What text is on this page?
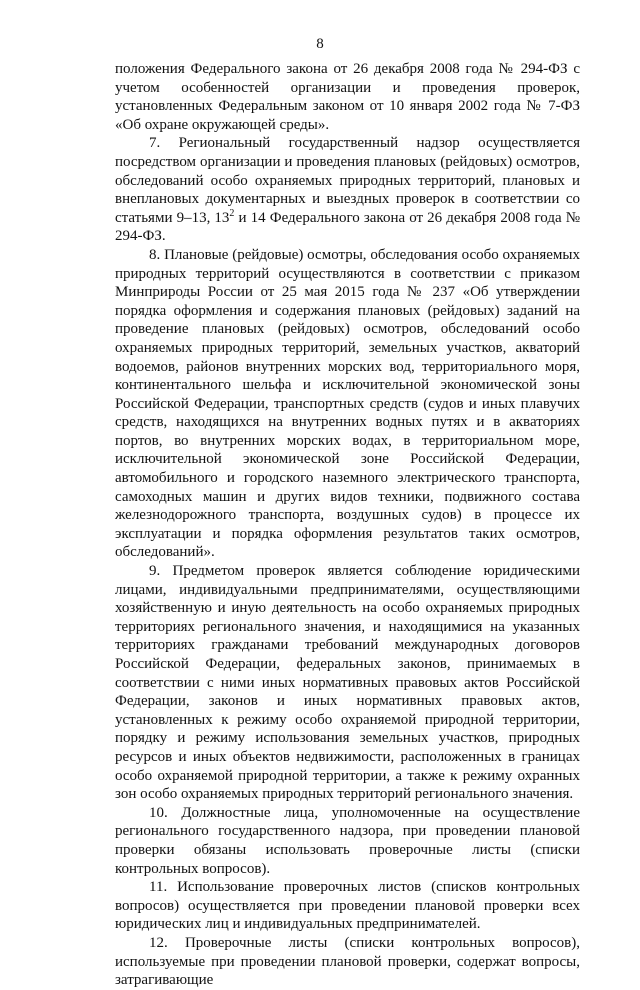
8

положения Федерального закона от 26 декабря 2008 года № 294-ФЗ с учетом особенностей организации и проведения проверок, установленных Федеральным законом от 10 января 2002 года № 7-ФЗ «Об охране окружающей среды».

7. Региональный государственный надзор осуществляется посредством организации и проведения плановых (рейдовых) осмотров, обследований особо охраняемых природных территорий, плановых и внеплановых документарных и выездных проверок в соответствии со статьями 9–13, $13^2$ и 14 Федерального закона от 26 декабря 2008 года № 294-ФЗ.

8. Плановые (рейдовые) осмотры, обследования особо охраняемых природных территорий осуществляются в соответствии с приказом Минприроды России от 25 мая 2015 года № 237 «Об утверждении порядка оформления и содержания плановых (рейдовых) заданий на проведение плановых (рейдовых) осмотров, обследований особо охраняемых природных территорий, земельных участков, акваторий водоемов, районов внутренних морских вод, территориального моря, континентального шельфа и исключительной экономической зоны Российской Федерации, транспортных средств (судов и иных плавучих средств, находящихся на внутренних водных путях и в акваториях портов, во внутренних морских водах, в территориальном море, исключительной экономической зоне Российской Федерации, автомобильного и городского наземного электрического транспорта, самоходных машин и других видов техники, подвижного состава железнодорожного транспорта, воздушных судов) в процессе их эксплуатации и порядка оформления результатов таких осмотров, обследований».

9. Предметом проверок является соблюдение юридическими лицами, индивидуальными предпринимателями, осуществляющими хозяйственную и иную деятельность на особо охраняемых природных территориях регионального значения, и находящимися на указанных территориях гражданами требований международных договоров Российской Федерации, федеральных законов, принимаемых в соответствии с ними иных нормативных правовых актов Российской Федерации, законов и иных нормативных правовых актов, установленных к режиму особо охраняемой природной территории, порядку и режиму использования земельных участков, природных ресурсов и иных объектов недвижимости, расположенных в границах особо охраняемой природной территории, а также к режиму охранных зон особо охраняемых природных территорий регионального значения.

10. Должностные лица, уполномоченные на осуществление регионального государственного надзора, при проведении плановой проверки обязаны использовать проверочные листы (списки контрольных вопросов).

11. Использование проверочных листов (списков контрольных вопросов) осуществляется при проведении плановой проверки всех юридических лиц и индивидуальных предпринимателей.

12. Проверочные листы (списки контрольных вопросов), используемые при проведении плановой проверки, содержат вопросы, затрагивающие
